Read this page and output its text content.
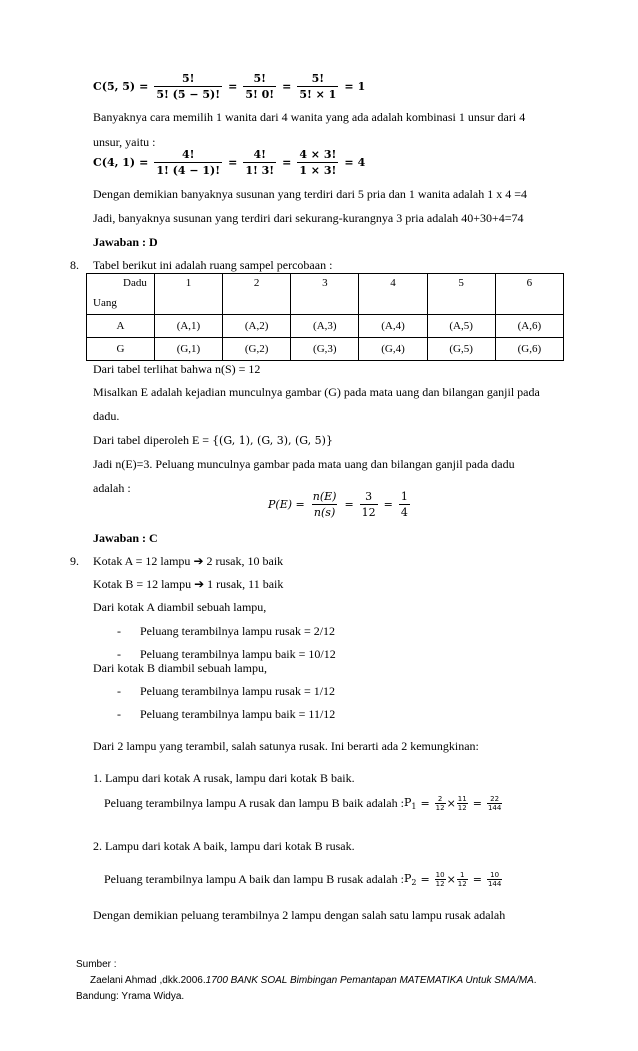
C(5, $5) = \frac{5!}{5! (5 - 5)!} = \frac{5!}{5! 0!} = \frac{5!}{5! \times 1} = 1$
Banyaknya cara memilih 1 wanita dari 4 wanita yang ada adalah kombinasi 1 unsur dari 4
unsur, yaitu :
C(4, $1) = \frac{4!}{1! (4 - 1)!} = \frac{4!}{1! 3!} = \frac{4 \times 3!}{1 \times 3!} = 4$
Dengan demikian banyaknya susunan yang terdiri dari 5 pria dan 1 wanita adalah 1 x 4 =4
Jadi, banyaknya susunan yang terdiri dari sekurang-kurangnya 3 pria adalah 40+30+4=74
Jawaban : D
8. Tabel berikut ini adalah ruang sampel percobaan :
Dadu
Uang	1	2	3	4	5	6
A	(A,1)	(A,2)	(A,3)	(A,4)	(A,5)	(A,6)
G	(G,1)	(G,2)	(G,3)	(G,4)	(G,5)	(G,6)
Dari tabel terlihat bahwa n(S) = 12
Misalkan E adalah kejadian munculnya gambar (G) pada mata uang dan bilangan ganjil pada
dadu.
Dari tabel diperoleh E = {(G, 1), (G, 3), (G, 5)}
Jadi n(E)=3. Peluang munculnya gambar pada mata uang dan bilangan ganjil pada dadu
adalah :
$P(E) = \frac{n(E)}{n(s)} = \frac{3}{12} = \frac{1}{4}$
Jawaban : C
9. Kotak A = 12 lampu ➔ 2 rusak, 10 baik
Kotak B = 12 lampu ➔ 1 rusak, 11 baik
Dari kotak A diambil sebuah lampu,
- Peluang terambilnya lampu rusak = 2/12
- Peluang terambilnya lampu baik = 10/12
Dari kotak B diambil sebuah lampu,
- Peluang terambilnya lampu rusak = 1/12
- Peluang terambilnya lampu baik = 11/12
Dari 2 lampu yang terambil, salah satunya rusak. Ini berarti ada 2 kemungkinan:
1. Lampu dari kotak A rusak, lampu dari kotak B baik.
Peluang terambilnya lampu A rusak dan lampu B baik adalah : $P_1 = \frac{2}{12} \times \frac{11}{12} = \frac{22}{144}$
2. Lampu dari kotak A baik, lampu dari kotak B rusak.
Peluang terambilnya lampu A baik dan lampu B rusak adalah : $P_2 = \frac{10}{12} \times \frac{1}{12} = \frac{10}{144}$
Dengan demikian peluang terambilnya 2 lampu dengan salah satu lampu rusak adalah
Sumber :
Zaelani Ahmad ,dkk.2006.1700 BANK SOAL Bimbingan Pemantapan MATEMATIKA Untuk SMA/MA.
Bandung: Yrama Widya.
